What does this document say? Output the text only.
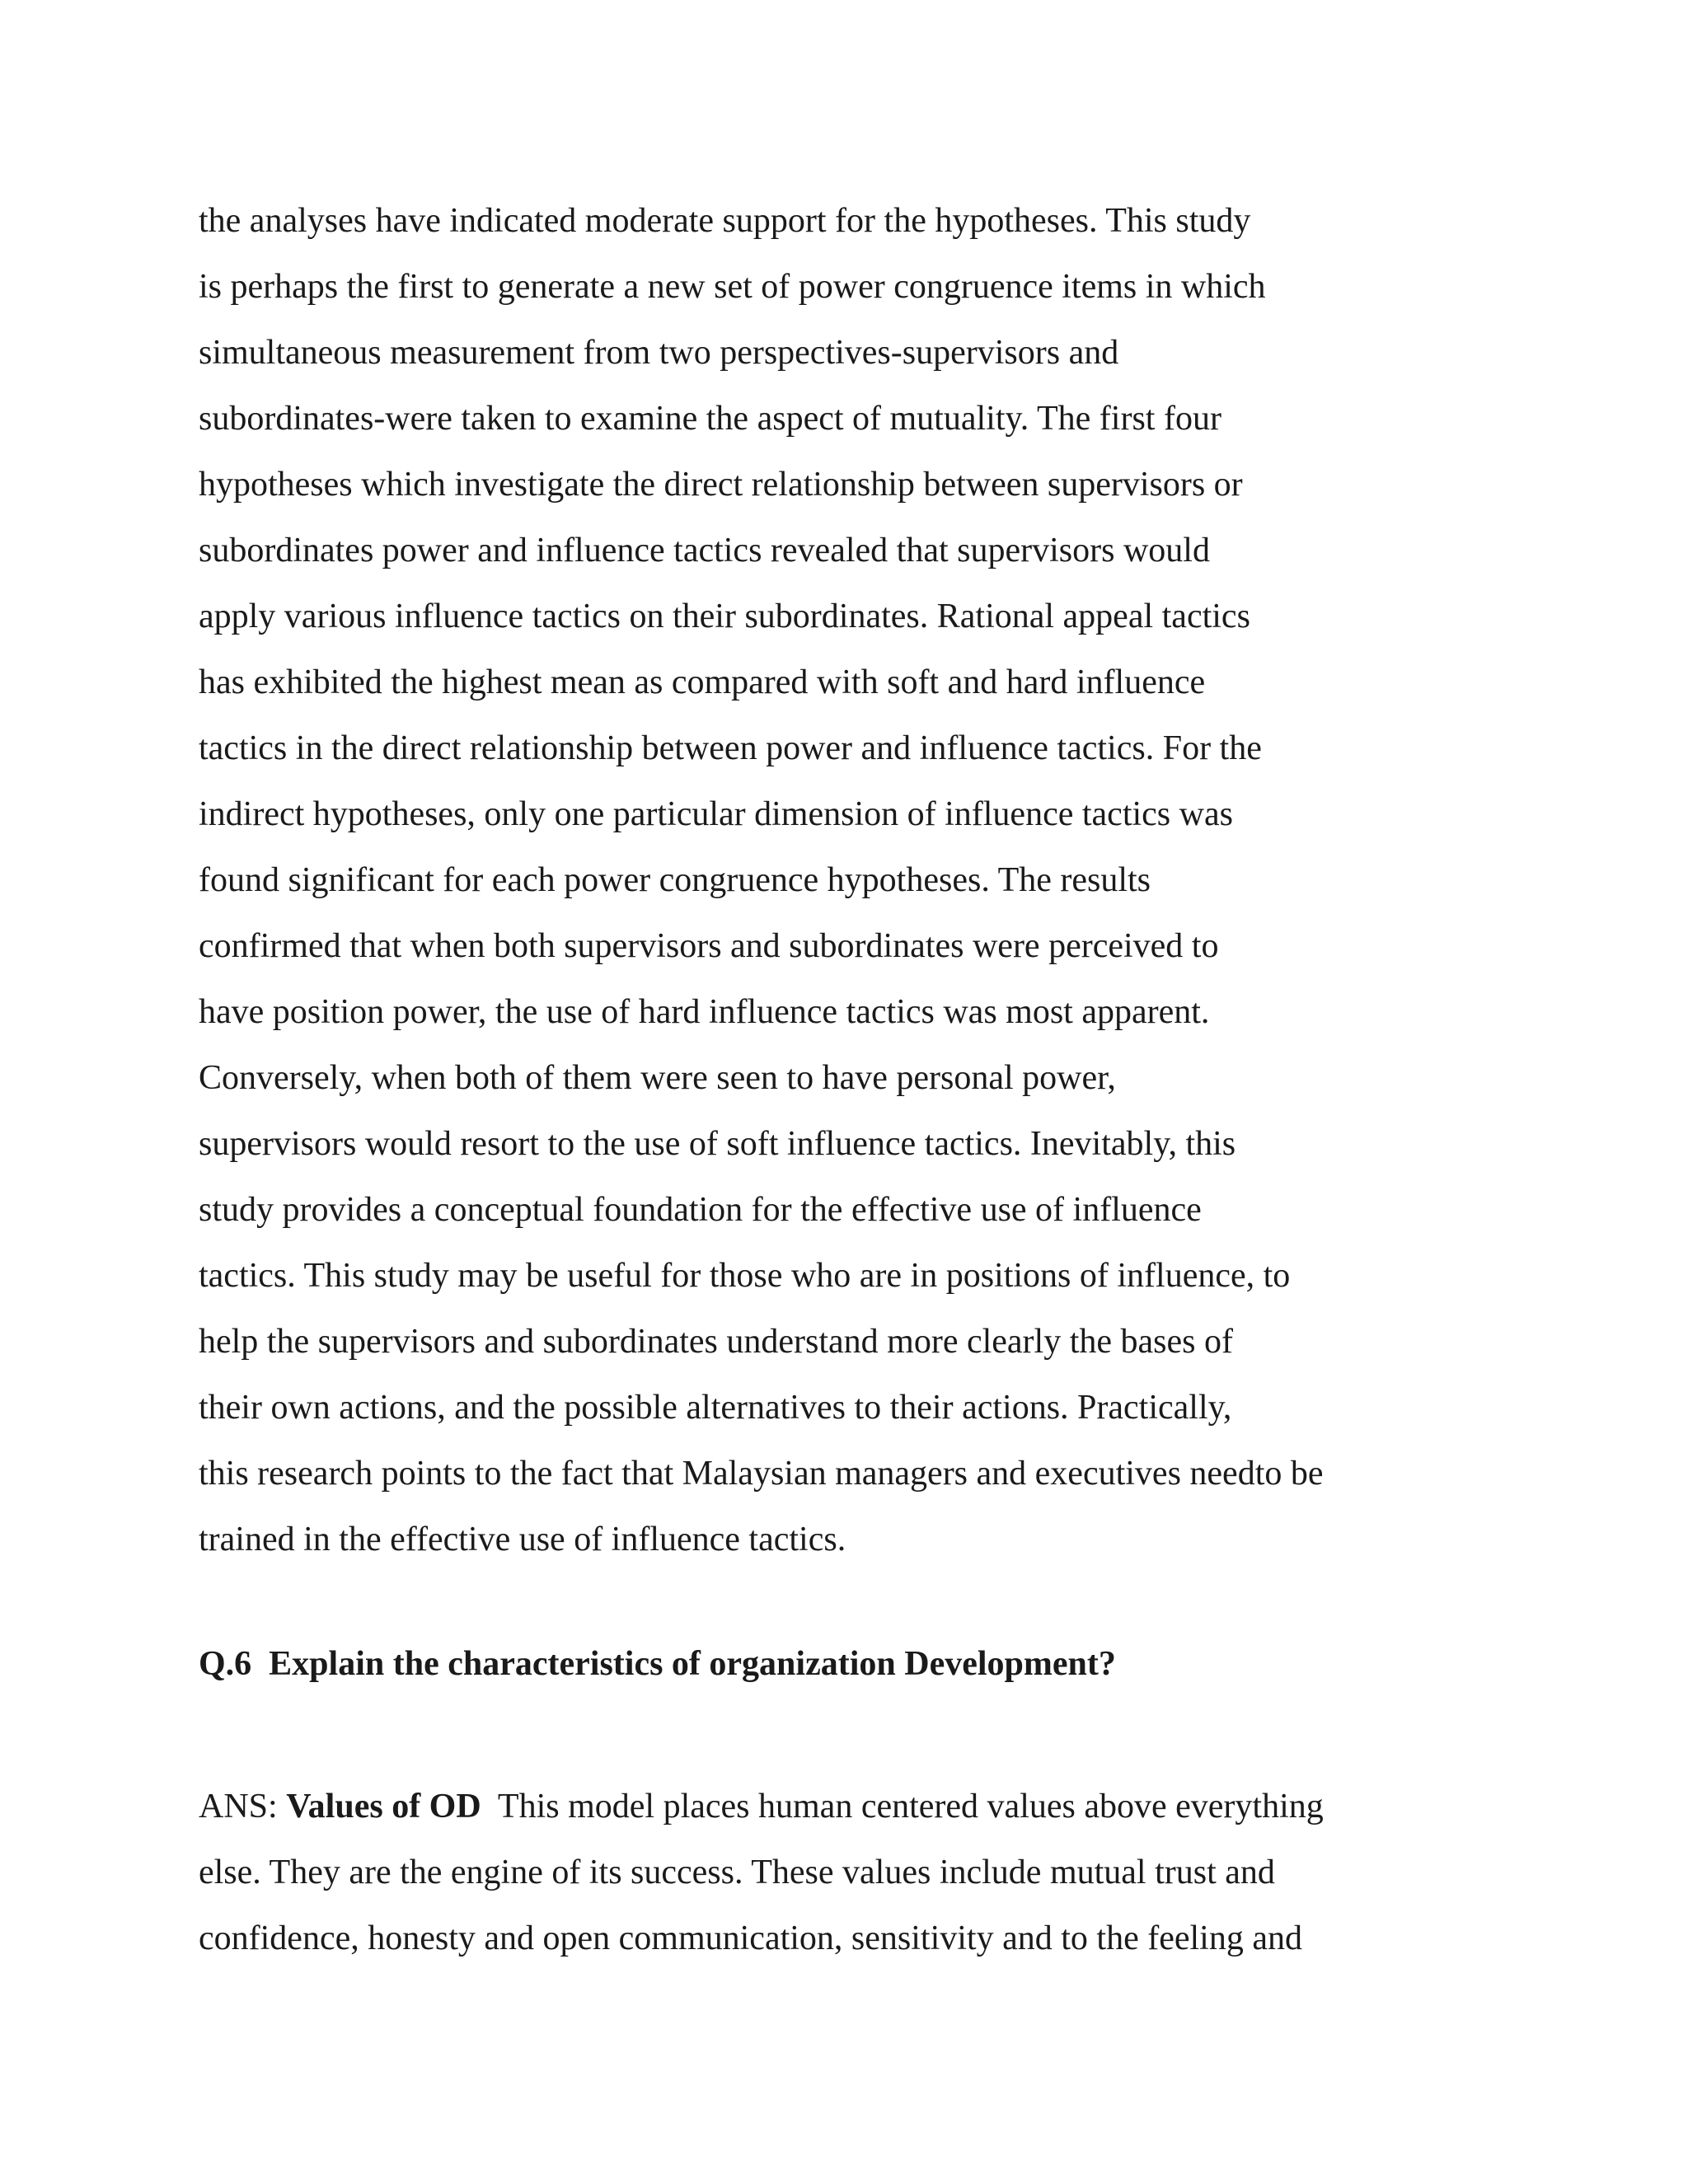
the analyses have indicated moderate support for the hypotheses. This study
is perhaps the first to generate a new set of power congruence items in which
simultaneous measurement from two perspectives-supervisors and
subordinates-were taken to examine the aspect of mutuality. The first four
hypotheses which investigate the direct relationship between supervisors or
subordinates power and influence tactics revealed that supervisors would
apply various influence tactics on their subordinates. Rational appeal tactics
has exhibited the highest mean as compared with soft and hard influence
tactics in the direct relationship between power and influence tactics. For the
indirect hypotheses, only one particular dimension of influence tactics was
found significant for each power congruence hypotheses. The results
confirmed that when both supervisors and subordinates were perceived to
have position power, the use of hard influence tactics was most apparent.
Conversely, when both of them were seen to have personal power,
supervisors would resort to the use of soft influence tactics. Inevitably, this
study provides a conceptual foundation for the effective use of influence
tactics. This study may be useful for those who are in positions of influence, to
help the supervisors and subordinates understand more clearly the bases of
their own actions, and the possible alternatives to their actions. Practically,
this research points to the fact that Malaysian managers and executives needto be
trained in the effective use of influence tactics.
Q.6  Explain the characteristics of organization Development?
ANS: Values of OD  This model places human centered values above everything
else. They are the engine of its success. These values include mutual trust and
confidence, honesty and open communication, sensitivity and to the feeling and
